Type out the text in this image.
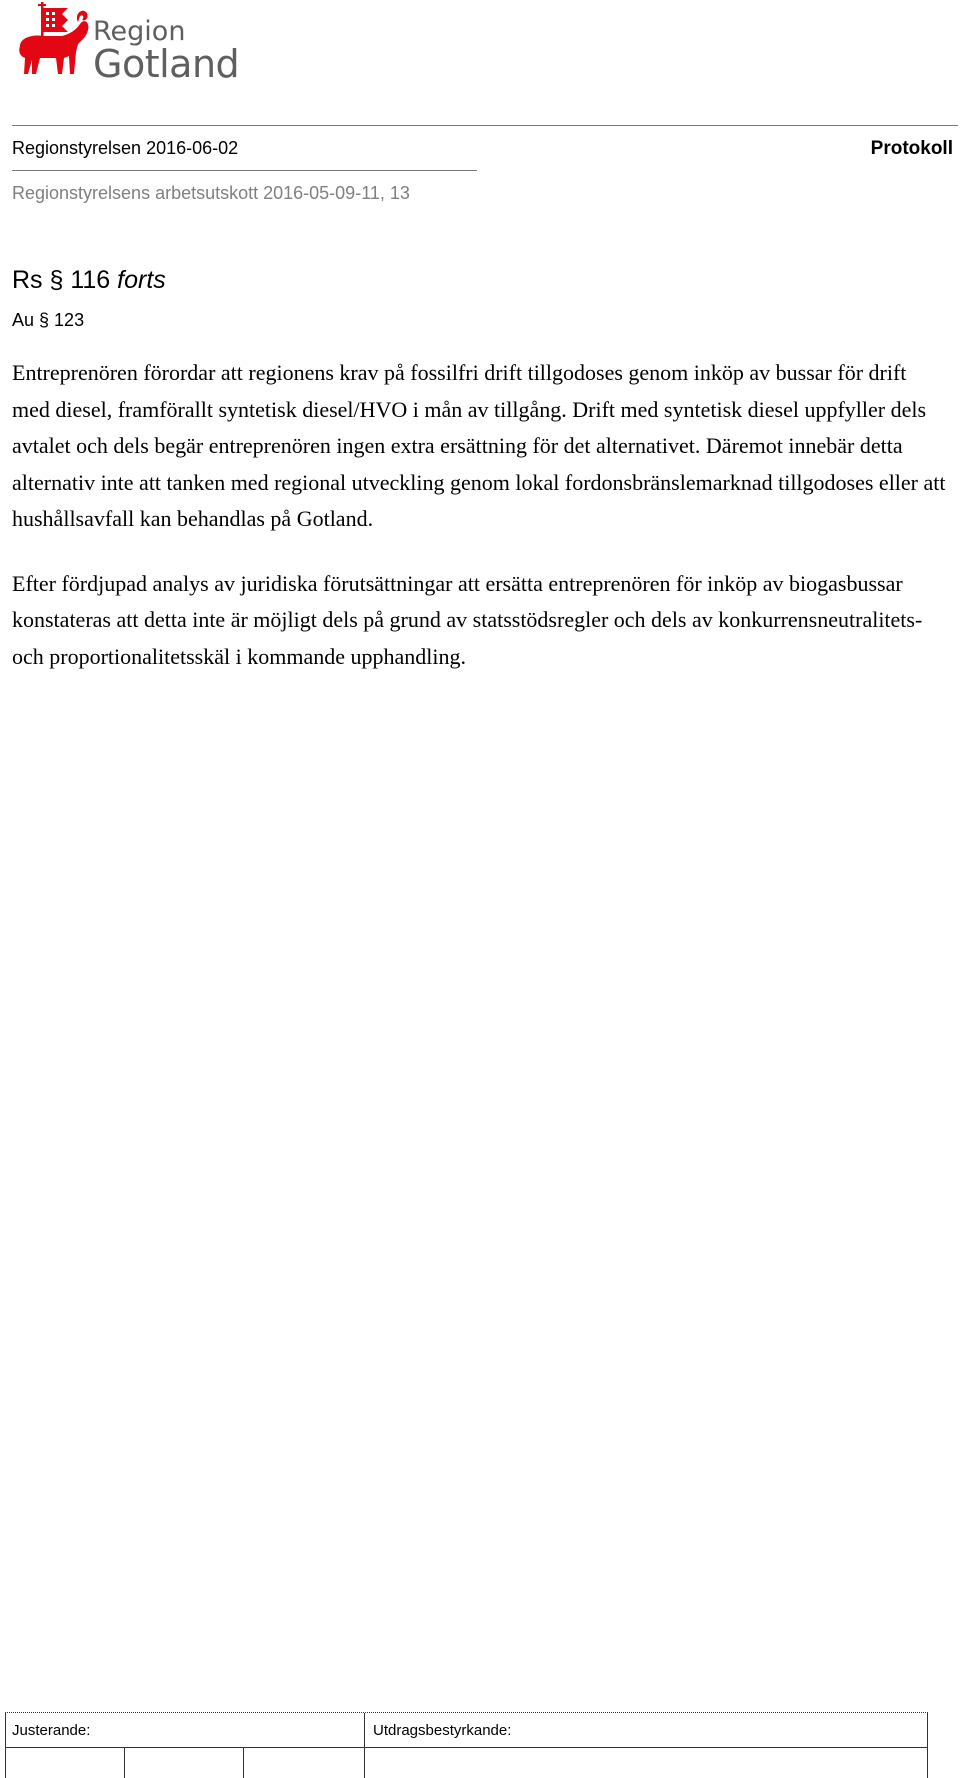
Region
Gotland
Regionstyrelsen 2016-06-02	Protokoll
Regionstyrelsens arbetsutskott 2016-05-09-11, 13
Rs § 116 forts
Au § 123

Entreprenören förordar att regionens krav på fossilfri drift tillgodoses genom inköp av bussar för drift med diesel, framförallt syntetisk diesel/HVO i mån av tillgång. Drift med syntetisk diesel uppfyller dels avtalet och dels begär entreprenören ingen extra ersättning för det alternativet. Däremot innebär detta alternativ inte att tanken med regional utveckling genom lokal fordonsbränslemarknad tillgodoses eller att hushållsavfall kan behandlas på Gotland.

Efter fördjupad analys av juridiska förutsättningar att ersätta entreprenören för inköp av biogasbussar konstateras att detta inte är möjligt dels på grund av statsstödsregler och dels av konkurrensneutralitets- och proportionalitetsskäl i kommande upphandling.

Justerande:	Utdragsbestyrkande:
